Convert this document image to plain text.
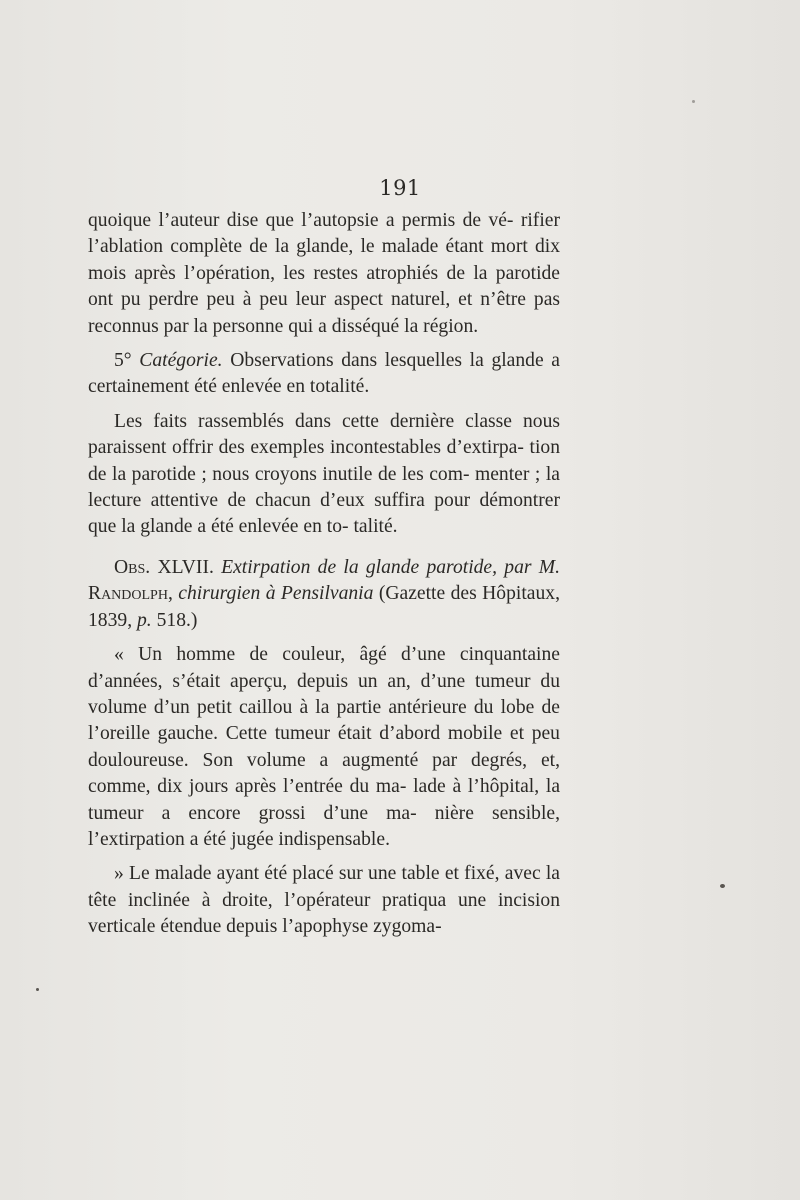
191

quoique l’auteur dise que l’autopsie a permis de vé- rifier l’ablation complète de la glande, le malade étant mort dix mois après l’opération, les restes atrophiés de la parotide ont pu perdre peu à peu leur aspect naturel, et n’être pas reconnus par la personne qui a disséqué la région.

5° Catégorie. Observations dans lesquelles la glande a certainement été enlevée en totalité.

Les faits rassemblés dans cette dernière classe nous paraissent offrir des exemples incontestables d’extirpa- tion de la parotide ; nous croyons inutile de les com- menter ; la lecture attentive de chacun d’eux suffira pour démontrer que la glande a été enlevée en to- talité.

Obs. XLVII. Extirpation de la glande parotide, par M. Randolph, chirurgien à Pensilvania (Gazette des Hôpitaux, 1839, p. 518.)

« Un homme de couleur, âgé d’une cinquantaine d’années, s’était aperçu, depuis un an, d’une tumeur du volume d’un petit caillou à la partie antérieure du lobe de l’oreille gauche. Cette tumeur était d’abord mobile et peu douloureuse. Son volume a augmenté par degrés, et, comme, dix jours après l’entrée du ma- lade à l’hôpital, la tumeur a encore grossi d’une ma- nière sensible, l’extirpation a été jugée indispensable.

» Le malade ayant été placé sur une table et fixé, avec la tête inclinée à droite, l’opérateur pratiqua une incision verticale étendue depuis l’apophyse zygoma-
